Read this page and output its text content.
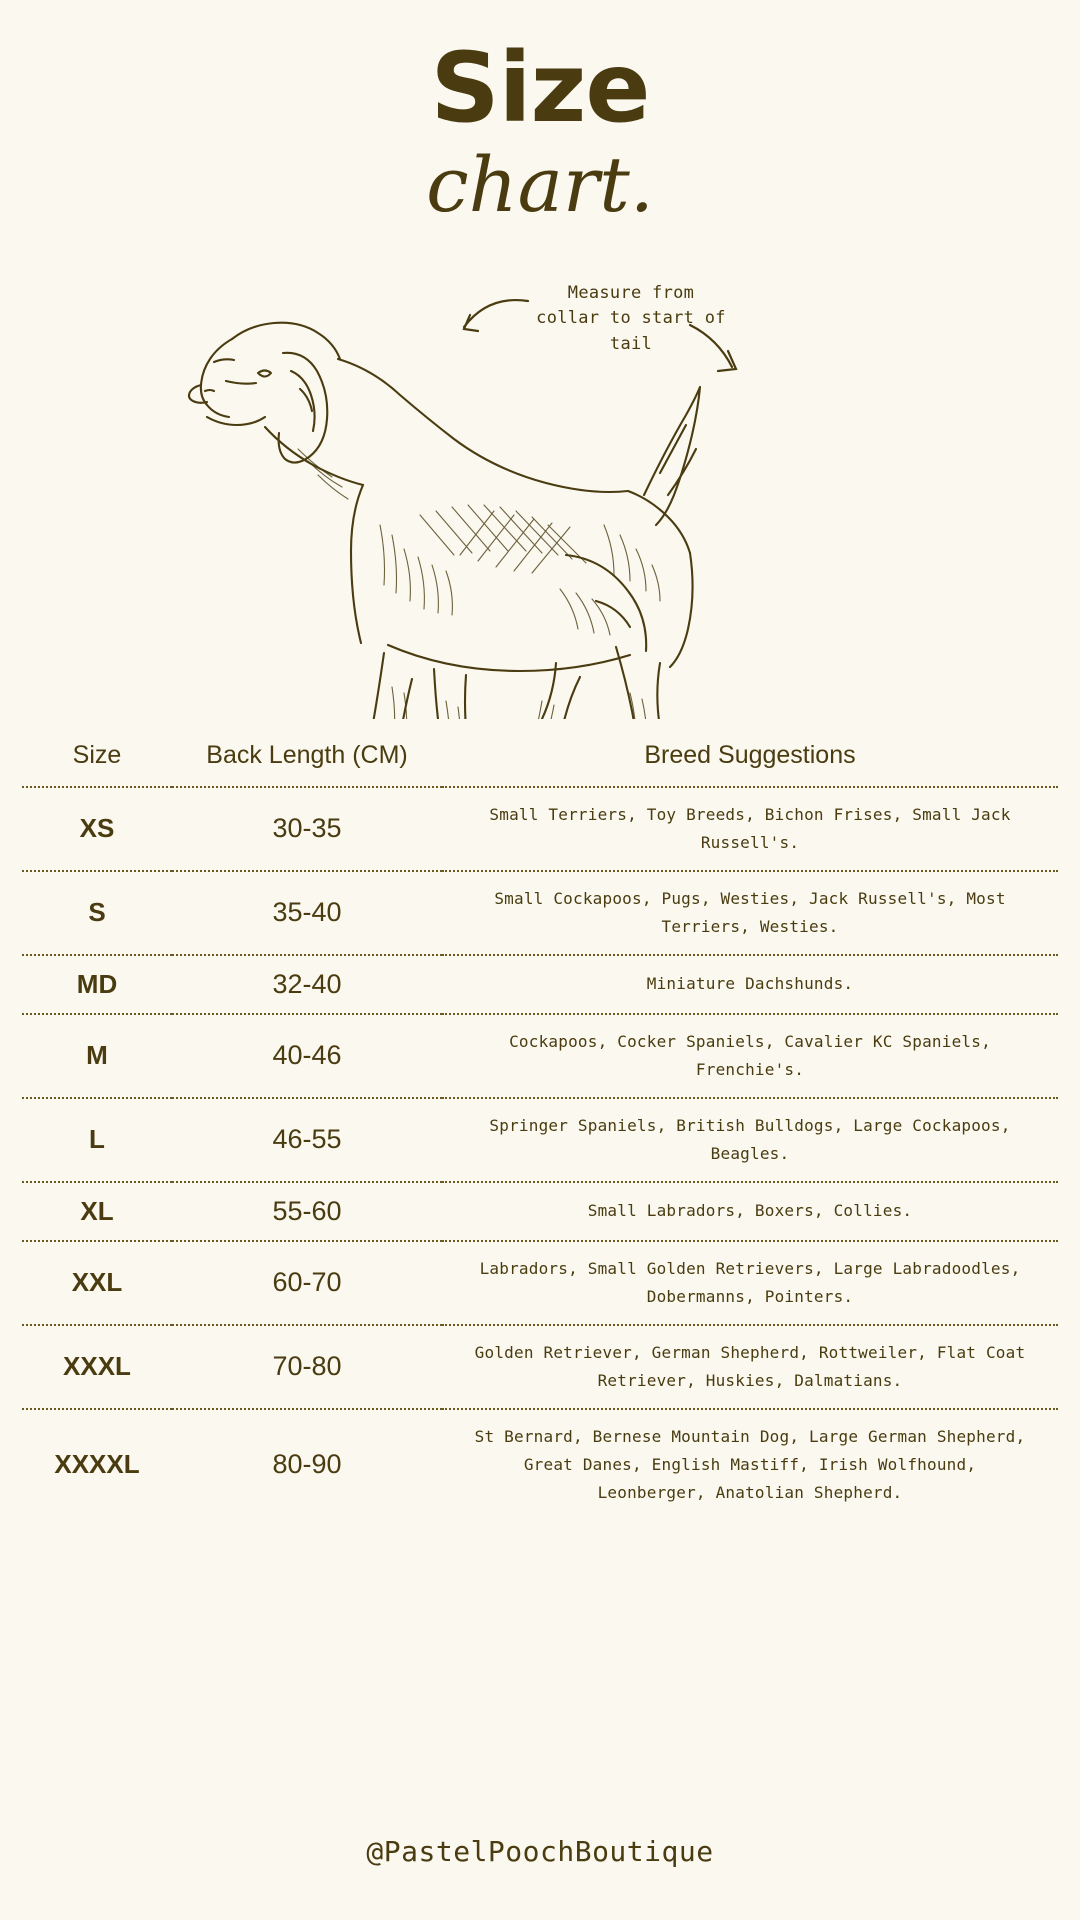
Size
chart.
Measure from collar to start of tail
Size	Back Length (CM)	Breed Suggestions
XS	30-35	Small Terriers, Toy Breeds, Bichon Frises, Small Jack Russell's.
S	35-40	Small Cockapoos, Pugs, Westies, Jack Russell's, Most Terriers, Westies.
MD	32-40	Miniature Dachshunds.
M	40-46	Cockapoos, Cocker Spaniels, Cavalier KC Spaniels, Frenchie's.
L	46-55	Springer Spaniels, British Bulldogs, Large Cockapoos, Beagles.
XL	55-60	Small Labradors, Boxers, Collies.
XXL	60-70	Labradors, Small Golden Retrievers, Large Labradoodles, Dobermanns, Pointers.
XXXL	70-80	Golden Retriever, German Shepherd, Rottweiler, Flat Coat Retriever, Huskies, Dalmatians.
XXXXL	80-90	St Bernard, Bernese Mountain Dog, Large German Shepherd, Great Danes, English Mastiff, Irish Wolfhound, Leonberger, Anatolian Shepherd.
@PastelPoochBoutique
